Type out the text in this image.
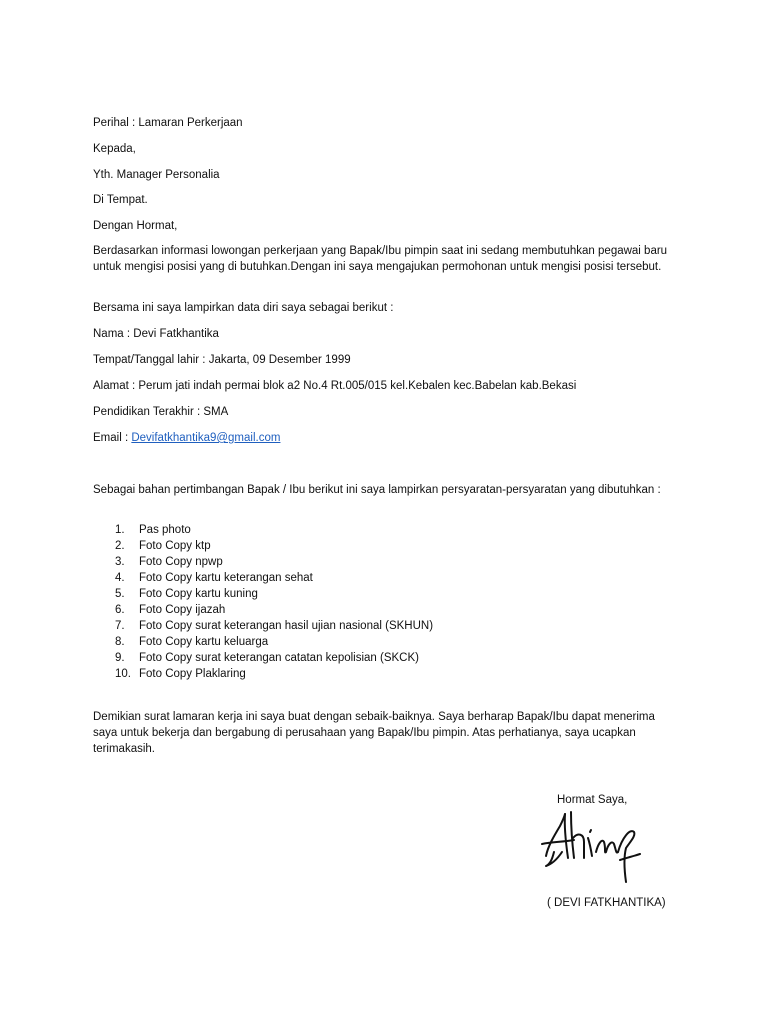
Perihal : Lamaran Perkerjaan
Kepada,
Yth. Manager Personalia
Di Tempat.
Dengan Hormat,
Berdasarkan informasi lowongan perkerjaan yang Bapak/Ibu pimpin saat ini sedang membutuhkan pegawai baru untuk mengisi posisi yang di butuhkan.Dengan ini saya mengajukan permohonan untuk mengisi posisi tersebut.
Bersama ini saya lampirkan data diri saya sebagai berikut :
Nama : Devi Fatkhantika
Tempat/Tanggal lahir : Jakarta, 09 Desember 1999
Alamat : Perum jati indah permai blok a2 No.4 Rt.005/015 kel.Kebalen kec.Babelan kab.Bekasi
Pendidikan Terakhir : SMA
Email : Devifatkhantika9@gmail.com
Sebagai bahan pertimbangan Bapak / Ibu berikut ini saya lampirkan persyaratan-persyaratan yang dibutuhkan :
1. Pas photo
2. Foto Copy ktp
3. Foto Copy npwp
4. Foto Copy kartu keterangan sehat
5. Foto Copy kartu kuning
6. Foto Copy ijazah
7. Foto Copy surat keterangan hasil ujian nasional (SKHUN)
8. Foto Copy kartu keluarga
9. Foto Copy surat keterangan catatan kepolisian (SKCK)
10. Foto Copy Plaklaring
Demikian surat lamaran kerja ini saya buat dengan sebaik-baiknya. Saya berharap Bapak/Ibu dapat menerima saya untuk bekerja dan bergabung di perusahaan yang Bapak/Ibu pimpin. Atas perhatianya, saya ucapkan terimakasih.
Hormat Saya,
( DEVI FATKHANTIKA)
